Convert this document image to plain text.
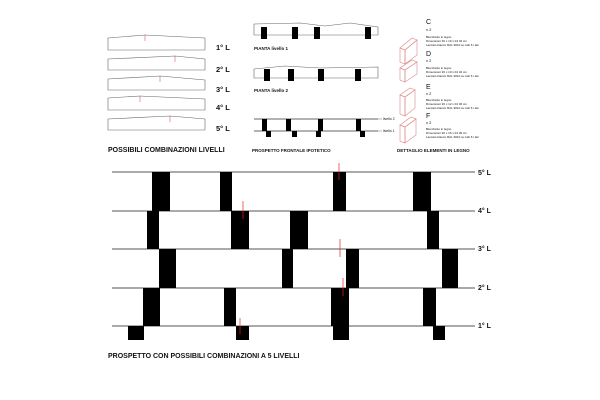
1° L
2° L
3° L
4° L
5° L
POSSIBILI COMBINAZIONI LIVELLI
PIANTA livello 1
PIANTA livello 2
livello 2
livello 1
PROSPETTO FRONTALE IPOTETICO
C
x 2
Blocchetto in legno
Dimensioni 30 x 10 x 04 32 cm
Laccato bianco RAL 9010 su tutti 6 i lati
D
x 2
Blocchetto in legno
Dimensioni 30 x 10 x 04 32 cm
Laccato bianco RAL 9010 su tutti 6 i lati
E
x 2
Blocchetto in legno
Dimensioni 30 x 12 x 04 30 cm
Laccato bianco RAL 9010 su tutti 6 i lati
F
x 2
Blocchetto in legno
Dimensioni 30 x 15 x 04 30 cm
Laccato bianco RAL 9010 su tutti 6 i lati
DETTAGLIO ELEMENTI IN LEGNO
5° L
4° L
3° L
2° L
1° L
PROSPETTO CON POSSIBILI COMBINAZIONI A 5 LIVELLI
